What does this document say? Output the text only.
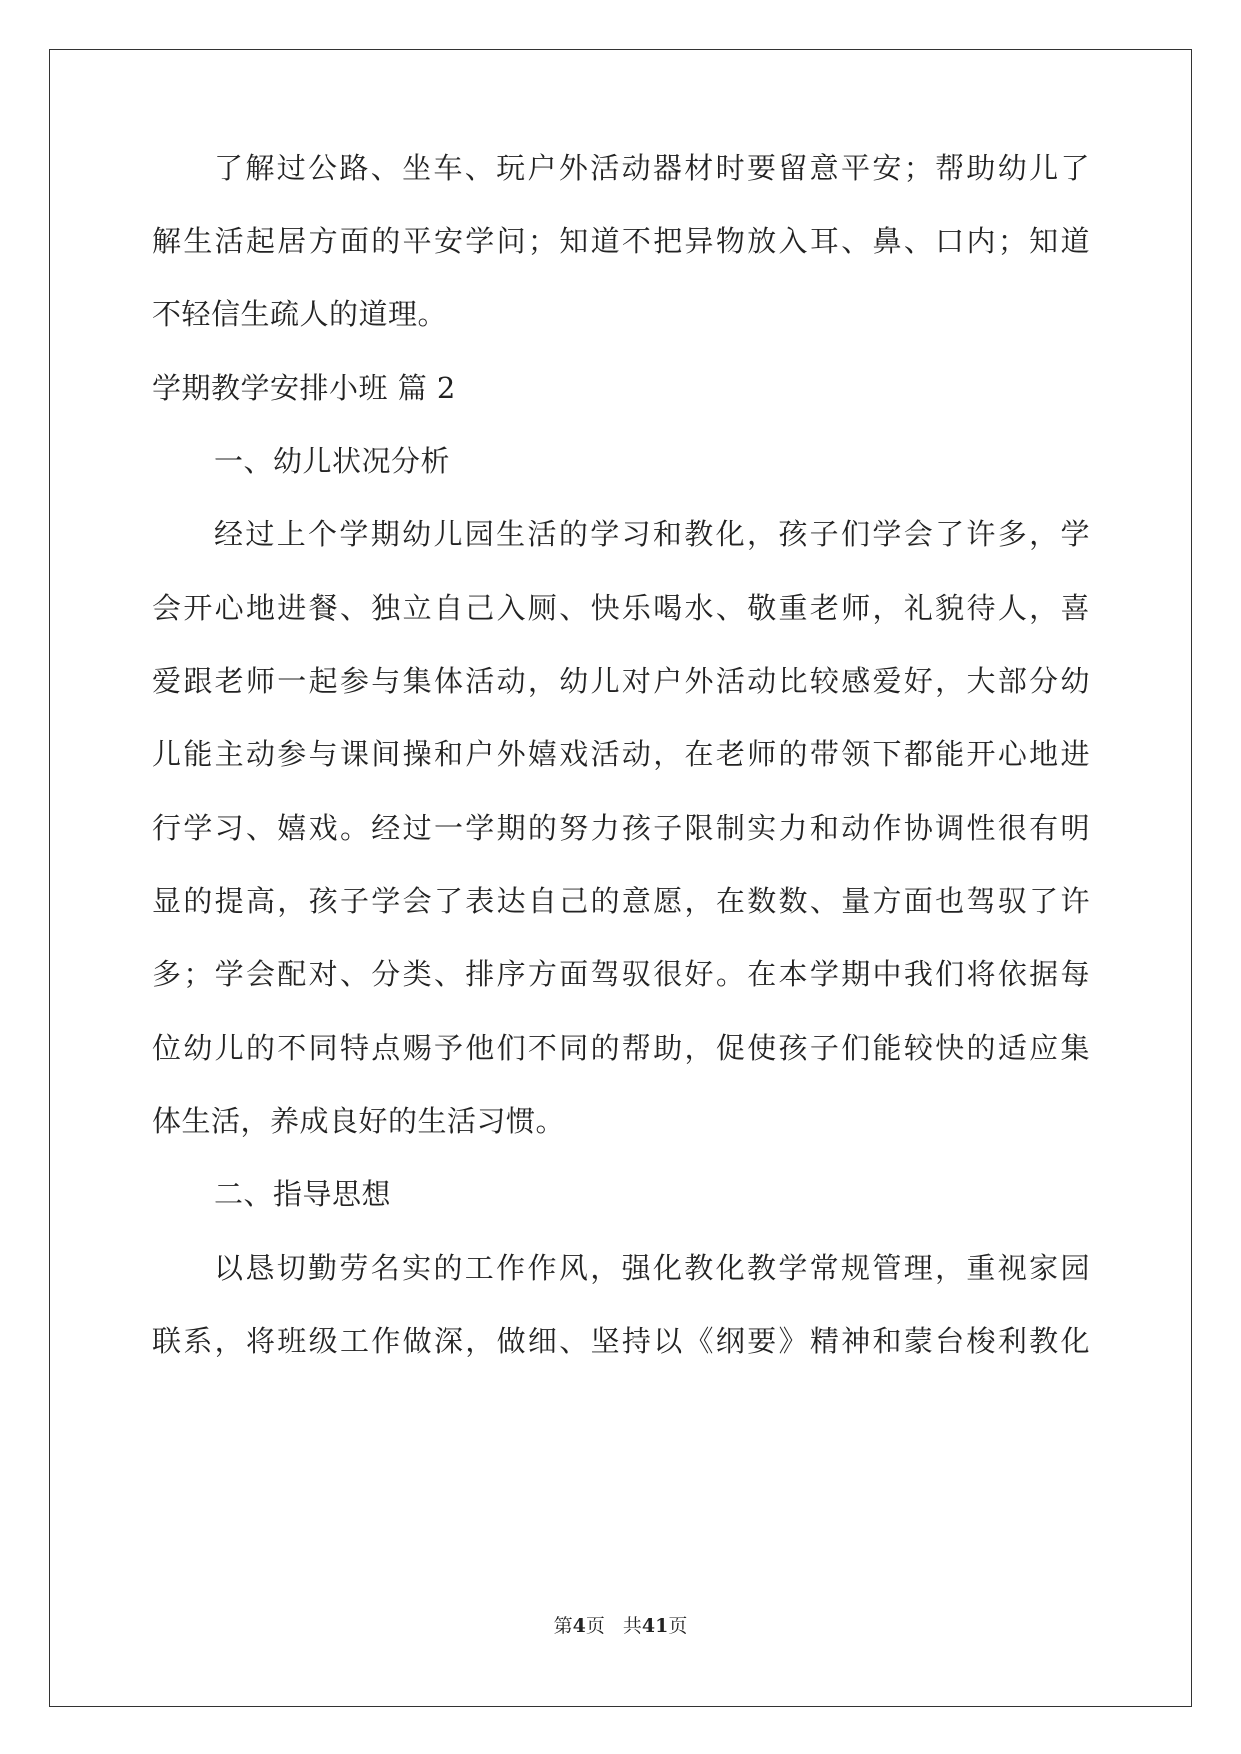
了解过公路、坐车、玩户外活动器材时要留意平安；帮助幼儿了
解生活起居方面的平安学问；知道不把异物放入耳、鼻、口内；知道
不轻信生疏人的道理。
学期教学安排小班 篇 2
一、幼儿状况分析
经过上个学期幼儿园生活的学习和教化，孩子们学会了许多，学
会开心地进餐、独立自己入厕、快乐喝水、敬重老师，礼貌待人，喜
爱跟老师一起参与集体活动，幼儿对户外活动比较感爱好，大部分幼
儿能主动参与课间操和户外嬉戏活动，在老师的带领下都能开心地进
行学习、嬉戏。经过一学期的努力孩子限制实力和动作协调性很有明
显的提高，孩子学会了表达自己的意愿，在数数、量方面也驾驭了许
多；学会配对、分类、排序方面驾驭很好。在本学期中我们将依据每
位幼儿的不同特点赐予他们不同的帮助，促使孩子们能较快的适应集
体生活，养成良好的生活习惯。
二、指导思想
以恳切勤劳名实的工作作风，强化教化教学常规管理，重视家园
联系，将班级工作做深，做细、坚持以《纲要》精神和蒙台梭利教化
第4页 共41页
